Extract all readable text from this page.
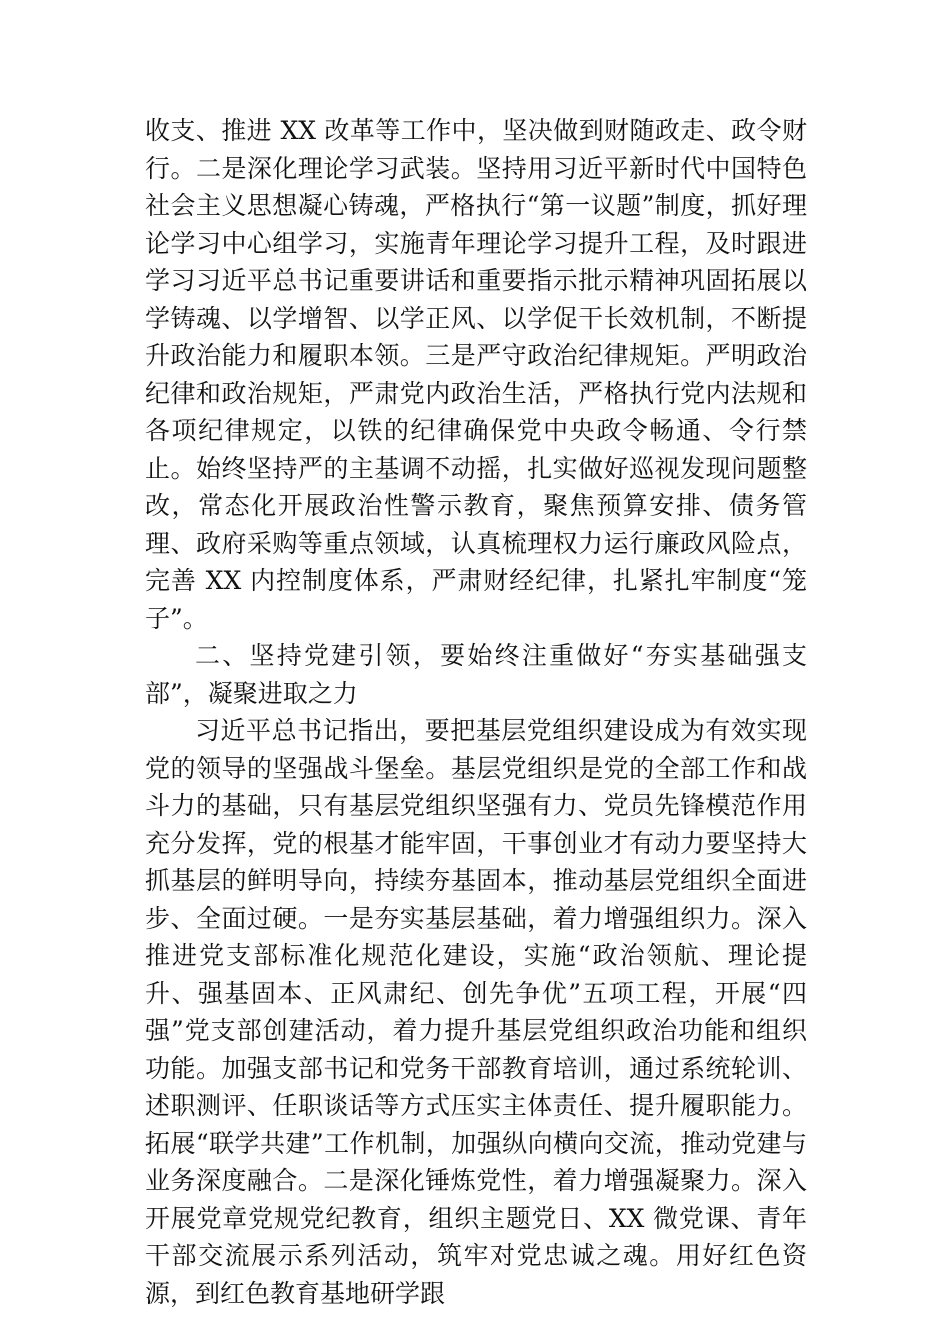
收支、推进 XX 改革等工作中，坚决做到财随政走、政令财行。二是深化理论学习武装。坚持用习近平新时代中国特色社会主义思想凝心铸魂，严格执行“第一议题”制度，抓好理论学习中心组学习，实施青年理论学习提升工程，及时跟进学习习近平总书记重要讲话和重要指示批示精神巩固拓展以学铸魂、以学增智、以学正风、以学促干长效机制，不断提升政治能力和履职本领。三是严守政治纪律规矩。严明政治纪律和政治规矩，严肃党内政治生活，严格执行党内法规和各项纪律规定，以铁的纪律确保党中央政令畅通、令行禁止。始终坚持严的主基调不动摇，扎实做好巡视发现问题整改，常态化开展政治性警示教育，聚焦预算安排、债务管理、政府采购等重点领域，认真梳理权力运行廉政风险点，完善 XX 内控制度体系，严肃财经纪律，扎紧扎牢制度“笼子”。

二、坚持党建引领，要始终注重做好“夯实基础强支部”，凝聚进取之力

习近平总书记指出，要把基层党组织建设成为有效实现党的领导的坚强战斗堡垒。基层党组织是党的全部工作和战斗力的基础，只有基层党组织坚强有力、党员先锋模范作用充分发挥，党的根基才能牢固，干事创业才有动力要坚持大抓基层的鲜明导向，持续夯基固本，推动基层党组织全面进步、全面过硬。一是夯实基层基础，着力增强组织力。深入推进党支部标准化规范化建设，实施“政治领航、理论提升、强基固本、正风肃纪、创先争优”五项工程，开展“四强”党支部创建活动，着力提升基层党组织政治功能和组织功能。加强支部书记和党务干部教育培训，通过系统轮训、述职测评、任职谈话等方式压实主体责任、提升履职能力。拓展“联学共建”工作机制，加强纵向横向交流，推动党建与业务深度融合。二是深化锤炼党性，着力增强凝聚力。深入开展党章党规党纪教育，组织主题党日、XX 微党课、青年干部交流展示系列活动，筑牢对党忠诚之魂。用好红色资源，到红色教育基地研学跟
